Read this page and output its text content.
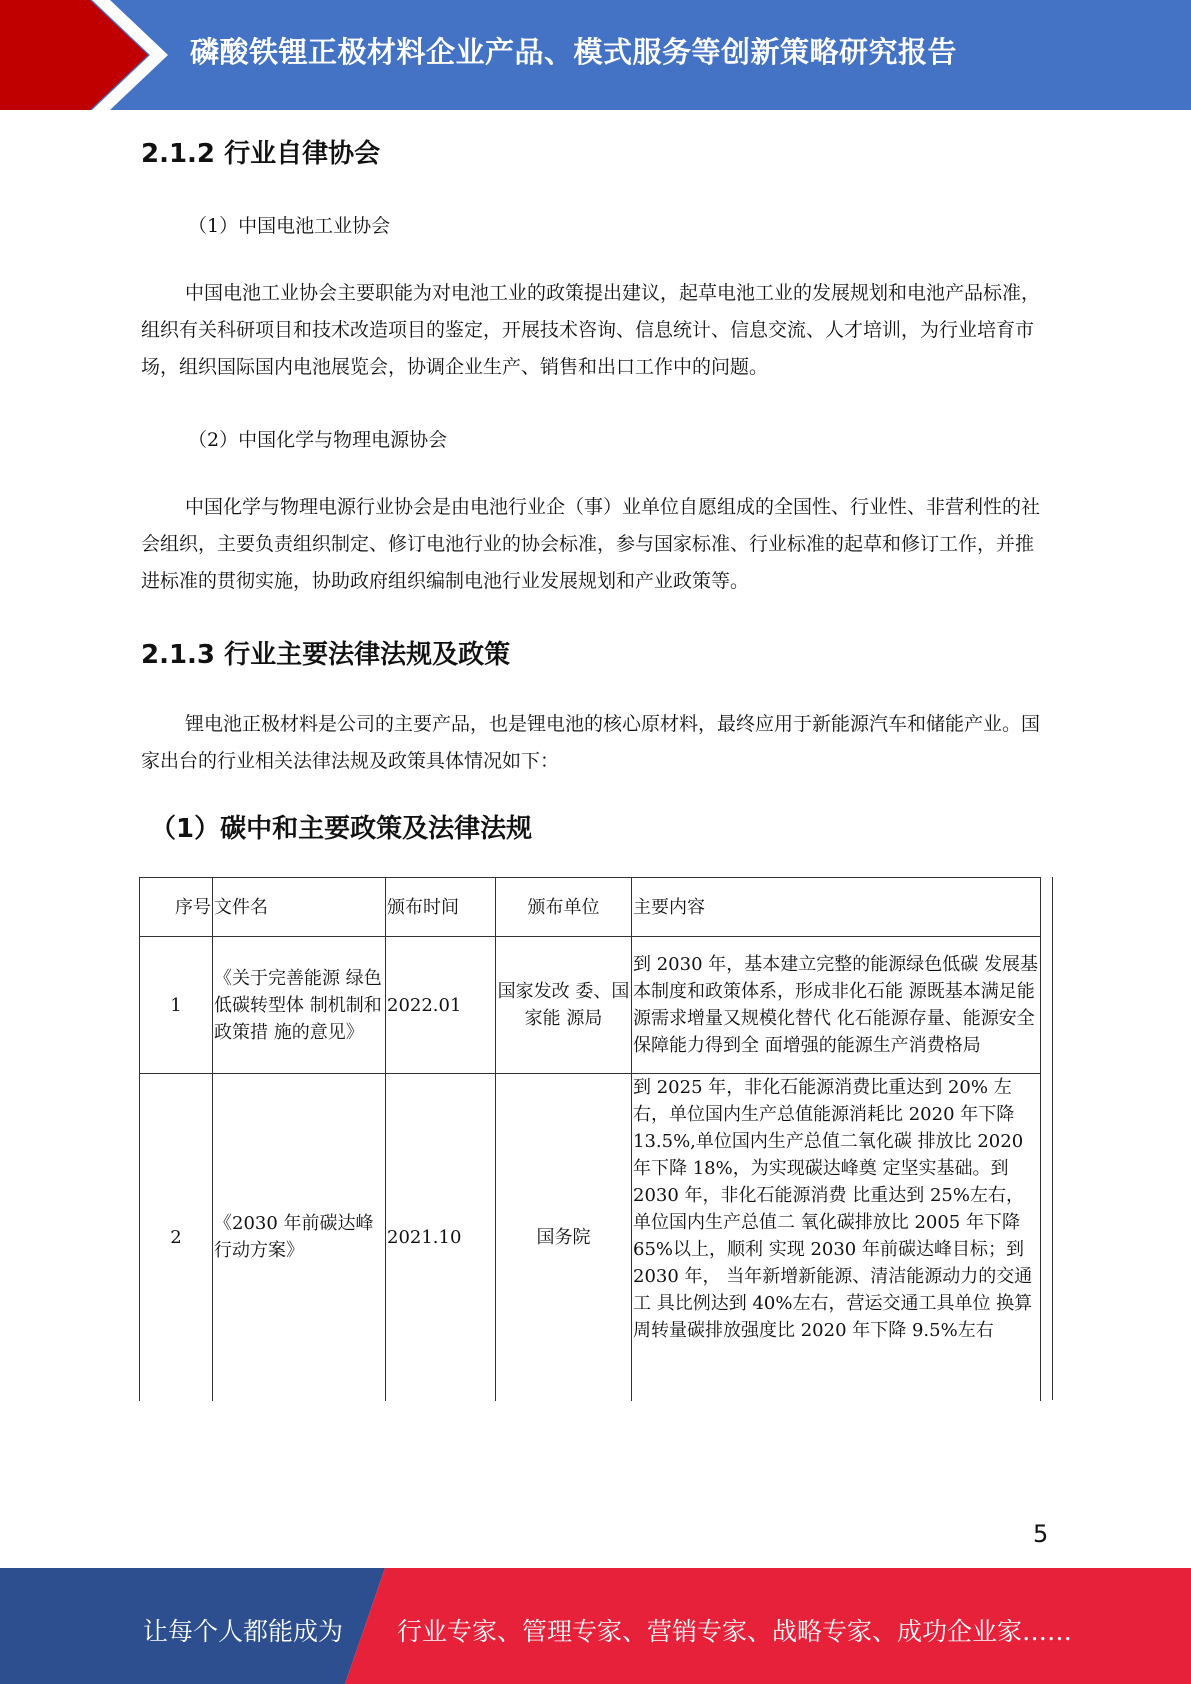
磷酸铁锂正极材料企业产品、模式服务等创新策略研究报告
2.1.2 行业自律协会
（1）中国电池工业协会
中国电池工业协会主要职能为对电池工业的政策提出建议，起草电池工业的发展规划和电池产品标准，组织有关科研项目和技术改造项目的鉴定，开展技术咨询、信息统计、信息交流、人才培训，为行业培育市场，组织国际国内电池展览会，协调企业生产、销售和出口工作中的问题。
（2）中国化学与物理电源协会
中国化学与物理电源行业协会是由电池行业企（事）业单位自愿组成的全国性、行业性、非营利性的社会组织，主要负责组织制定、修订电池行业的协会标准，参与国家标准、行业标准的起草和修订工作，并推进标准的贯彻实施，协助政府组织编制电池行业发展规划和产业政策等。
2.1.3 行业主要法律法规及政策
锂电池正极材料是公司的主要产品，也是锂电池的核心原材料，最终应用于新能源汽车和储能产业。国家出台的行业相关法律法规及政策具体情况如下：
（1）碳中和主要政策及法律法规
序号	文件名	颁布时间	颁布单位	主要内容
1	《关于完善能源 绿色低碳转型体 制机制和政策措 施的意见》	2022.01	国家发改 委、国家能 源局	到 2030 年，基本建立完整的能源绿色低碳 发展基本制度和政策体系，形成非化石能 源既基本满足能源需求增量又规模化替代 化石能源存量、能源安全保障能力得到全 面增强的能源生产消费格局
2	《2030 年前碳达峰行动方案》	2021.10	国务院	到 2025 年，非化石能源消费比重达到 20% 左右，单位国内生产总值能源消耗比 2020 年下降 13.5%,单位国内生产总值二氧化碳 排放比 2020 年下降 18%，为实现碳达峰奠 定坚实基础。到 2030 年，非化石能源消费 比重达到 25%左右，单位国内生产总值二 氧化碳排放比 2005 年下降 65%以上，顺利 实现 2030 年前碳达峰目标；到 2030 年， 当年新增新能源、清洁能源动力的交通工 具比例达到 40%左右，营运交通工具单位 换算周转量碳排放强度比 2020 年下降 9.5%左右
5
让每个人都能成为 行业专家、管理专家、营销专家、战略专家、成功企业家……
